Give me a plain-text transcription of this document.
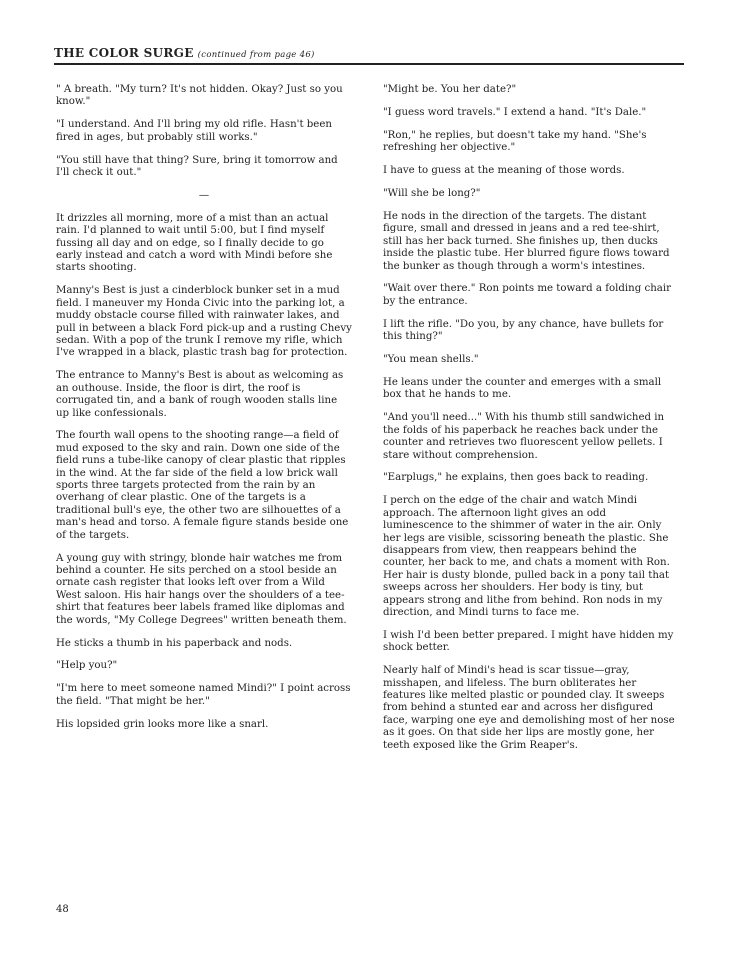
THE COLOR SURGE (continued from page 46)

" A breath. "My turn? It's not hidden. Okay? Just so you know."

"I understand. And I'll bring my old rifle. Hasn't been fired in ages, but probably still works."

"You still have that thing? Sure, bring it tomorrow and I'll check it out."

—

It drizzles all morning, more of a mist than an actual rain. I'd planned to wait until 5:00, but I find myself fussing all day and on edge, so I finally decide to go early instead and catch a word with Mindi before she starts shooting.

Manny's Best is just a cinderblock bunker set in a mud field. I maneuver my Honda Civic into the parking lot, a muddy obstacle course filled with rainwater lakes, and pull in between a black Ford pick-up and a rusting Chevy sedan. With a pop of the trunk I remove my rifle, which I've wrapped in a black, plastic trash bag for protection.

The entrance to Manny's Best is about as welcoming as an outhouse. Inside, the floor is dirt, the roof is corrugated tin, and a bank of rough wooden stalls line up like confessionals.

The fourth wall opens to the shooting range—a field of mud exposed to the sky and rain. Down one side of the field runs a tube-like canopy of clear plastic that ripples in the wind. At the far side of the field a low brick wall sports three targets protected from the rain by an overhang of clear plastic. One of the targets is a traditional bull's eye, the other two are silhouettes of a man's head and torso. A female figure stands beside one of the targets.

A young guy with stringy, blonde hair watches me from behind a counter. He sits perched on a stool beside an ornate cash register that looks left over from a Wild West saloon. His hair hangs over the shoulders of a tee-shirt that features beer labels framed like diplomas and the words, "My College Degrees" written beneath them.

He sticks a thumb in his paperback and nods.

"Help you?"

"I'm here to meet someone named Mindi?" I point across the field. "That might be her."

His lopsided grin looks more like a snarl.

"Might be. You her date?"

"I guess word travels." I extend a hand. "It's Dale."

"Ron," he replies, but doesn't take my hand. "She's refreshing her objective."

I have to guess at the meaning of those words.

"Will she be long?"

He nods in the direction of the targets. The distant figure, small and dressed in jeans and a red tee-shirt, still has her back turned. She finishes up, then ducks inside the plastic tube. Her blurred figure flows toward the bunker as though through a worm's intestines.

"Wait over there." Ron points me toward a folding chair by the entrance.

I lift the rifle. "Do you, by any chance, have bullets for this thing?"

"You mean shells."

He leans under the counter and emerges with a small box that he hands to me.

"And you'll need..." With his thumb still sandwiched in the folds of his paperback he reaches back under the counter and retrieves two fluorescent yellow pellets. I stare without comprehension.

"Earplugs," he explains, then goes back to reading.

I perch on the edge of the chair and watch Mindi approach. The afternoon light gives an odd luminescence to the shimmer of water in the air. Only her legs are visible, scissoring beneath the plastic. She disappears from view, then reappears behind the counter, her back to me, and chats a moment with Ron. Her hair is dusty blonde, pulled back in a pony tail that sweeps across her shoulders. Her body is tiny, but appears strong and lithe from behind. Ron nods in my direction, and Mindi turns to face me.

I wish I'd been better prepared. I might have hidden my shock better.

Nearly half of Mindi's head is scar tissue—gray, misshapen, and lifeless. The burn obliterates her features like melted plastic or pounded clay. It sweeps from behind a stunted ear and across her disfigured face, warping one eye and demolishing most of her nose as it goes. On that side her lips are mostly gone, her teeth exposed like the Grim Reaper's.

48
